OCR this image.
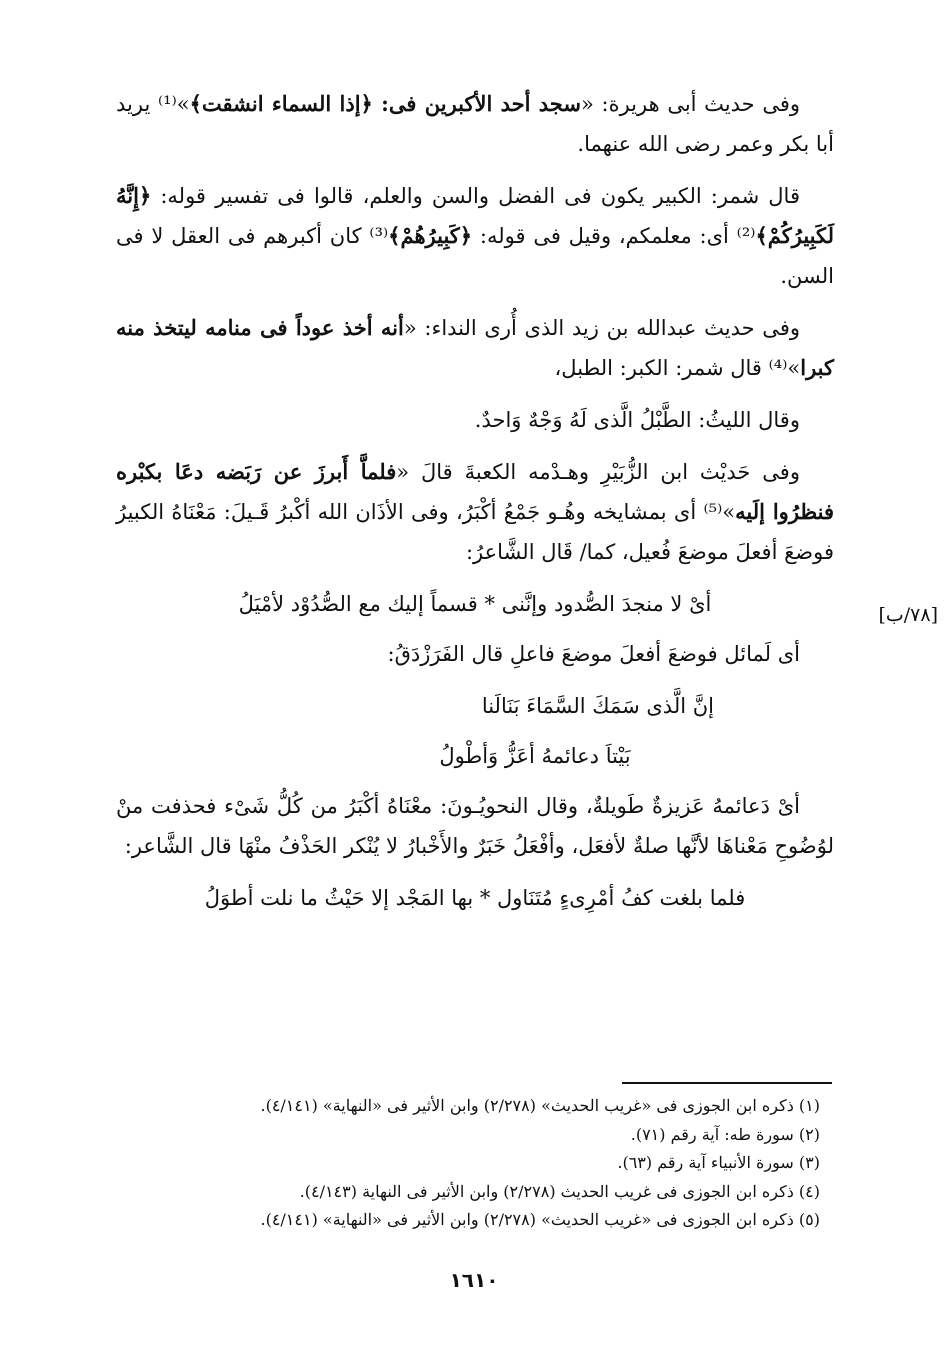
وفى حديث أبى هريرة: «سجد أحد الأكبرين فى: ﴿إذا السماء انشقت﴾»⁽¹⁾ يريد أبا بكر وعمر رضى الله عنهما.

قال شمر: الكبير يكون فى الفضل والسن والعلم، قالوا فى تفسير قوله: ﴿إِنَّهُ لَكَبِيرُكُمْ﴾⁽²⁾ أى: معلمكم، وقيل فى قوله: ﴿كَبِيرُهُمْ﴾⁽³⁾ كان أكبرهم فى العقل لا فى السن.

وفى حديث عبدالله بن زيد الذى أُرى النداء: «أنه أخذ عوداً فى منامه ليتخذ منه كبرا»⁽⁴⁾ قال شمر: الكبر: الطبل،

وقال الليثُ: الطَّبْلُ الَّذى لَهُ وَجْهٌ وَاحدٌ.

وفى حَديْث ابن الزُّبَيْرِ وهـدْمه الكعبةَ قالَ «فلماَّ أَبرزَ عن رَبَضه دعَا بكبْره فنظرُوا إلَيه»⁽⁵⁾ أى بمشايخه وهُـو جَمْعُ أكْبَرُ، وفى الأذَان الله أكْبرُ قَـيلَ: مَعْنَاهُ الكبيرُ فوضعَ أفعلَ موضعَ فُعيل، كما/ قَال الشَّاعرُ:

أىْ لا منجدَ الصُّدود وإنَّنى * قسماً إليك مع الصُّدُوْد لأمْيَلُ

أى لَمائل فوضعَ أفعلَ موضعَ فاعلِ قال الفَرَزْدَقُ:

إنَّ الَّذى سَمَكَ السَّمَاءَ بَنَالَنا

بَيْتاَ دعائمهُ أعَزُّ وَأطْولُ

أىْ دَعائمهُ عَزيزةٌ طَويلةٌ، وقال النحويُـونَ: معْنَاهُ أكْبَرُ من كُلُّ شَىْء فحذفت منْ لوُضُوحِ مَعْناهَا لأنَّها صلةٌ لأفعَل، وأفْعَلُ خَبَرٌ والأَخْبارُ لا يُنْكر الحَذْفُ منْهَا قال الشَّاعر:

فلما بلغت كفُ أمْرِىءٍ مُتَنَاول * بها المَجْد إلا حَيْثُ ما نلت أطوَلُ

[٧٨/ب]

(١) ذكره ابن الجوزى فى «غريب الحديث» (٢/٢٧٨) وابن الأثير فى «النهاية» (٤/١٤١).

(٢) سورة طه: آية رقم (٧١).

(٣) سورة الأنبياء آية رقم (٦٣).

(٤) ذكره ابن الجوزى فى غريب الحديث (٢/٢٧٨) وابن الأثير فى النهاية (٤/١٤٣).

(٥) ذكره ابن الجوزى فى «غريب الحديث» (٢/٢٧٨) وابن الأثير فى «النهاية» (٤/١٤١).

١٦١٠
